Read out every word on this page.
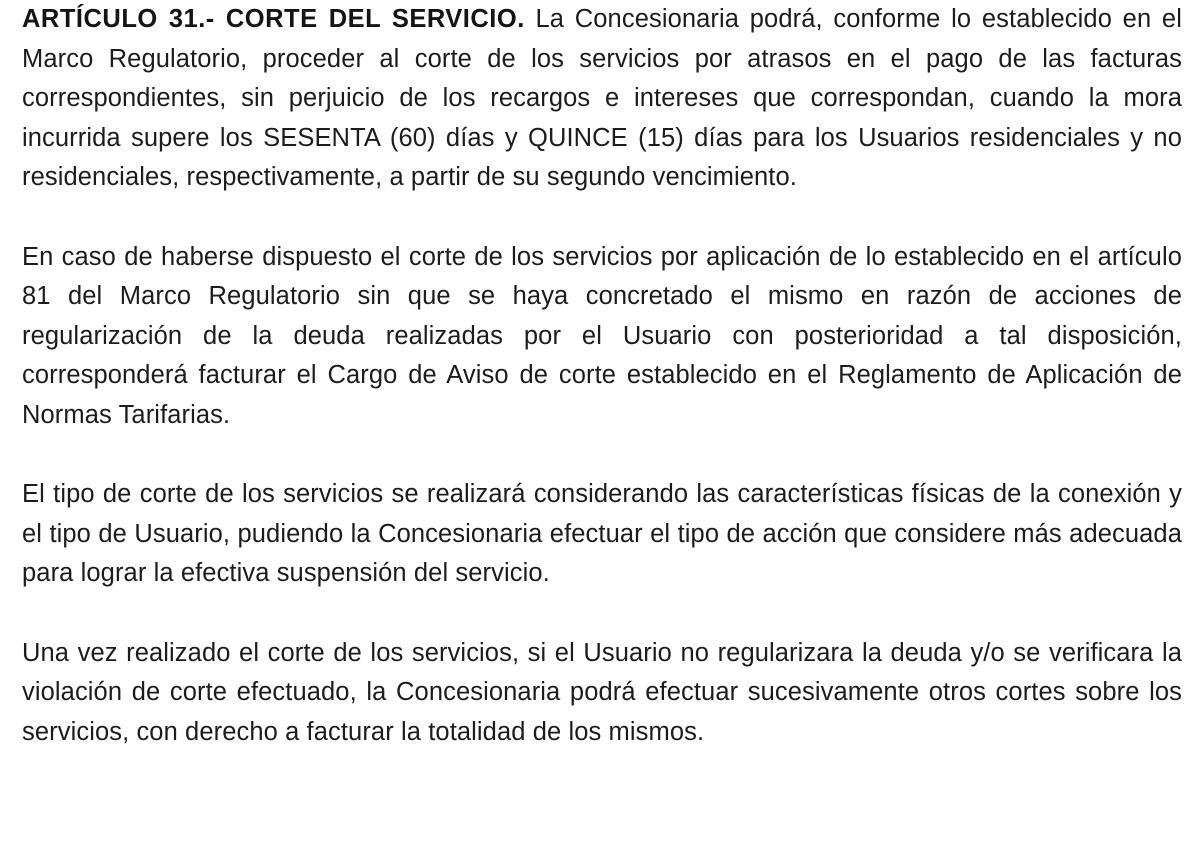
ARTÍCULO 31.- CORTE DEL SERVICIO. La Concesionaria podrá, conforme lo establecido en el Marco Regulatorio, proceder al corte de los servicios por atrasos en el pago de las facturas correspondientes, sin perjuicio de los recargos e intereses que correspondan, cuando la mora incurrida supere los SESENTA (60) días y QUINCE (15) días para los Usuarios residenciales y no residenciales, respectivamente, a partir de su segundo vencimiento.

En caso de haberse dispuesto el corte de los servicios por aplicación de lo establecido en el artículo 81 del Marco Regulatorio sin que se haya concretado el mismo en razón de acciones de regularización de la deuda realizadas por el Usuario con posterioridad a tal disposición, corresponderá facturar el Cargo de Aviso de corte establecido en el Reglamento de Aplicación de Normas Tarifarias.

El tipo de corte de los servicios se realizará considerando las características físicas de la conexión y el tipo de Usuario, pudiendo la Concesionaria efectuar el tipo de acción que considere más adecuada para lograr la efectiva suspensión del servicio.

Una vez realizado el corte de los servicios, si el Usuario no regularizara la deuda y/o se verificara la violación de corte efectuado, la Concesionaria podrá efectuar sucesivamente otros cortes sobre los servicios, con derecho a facturar la totalidad de los mismos.
